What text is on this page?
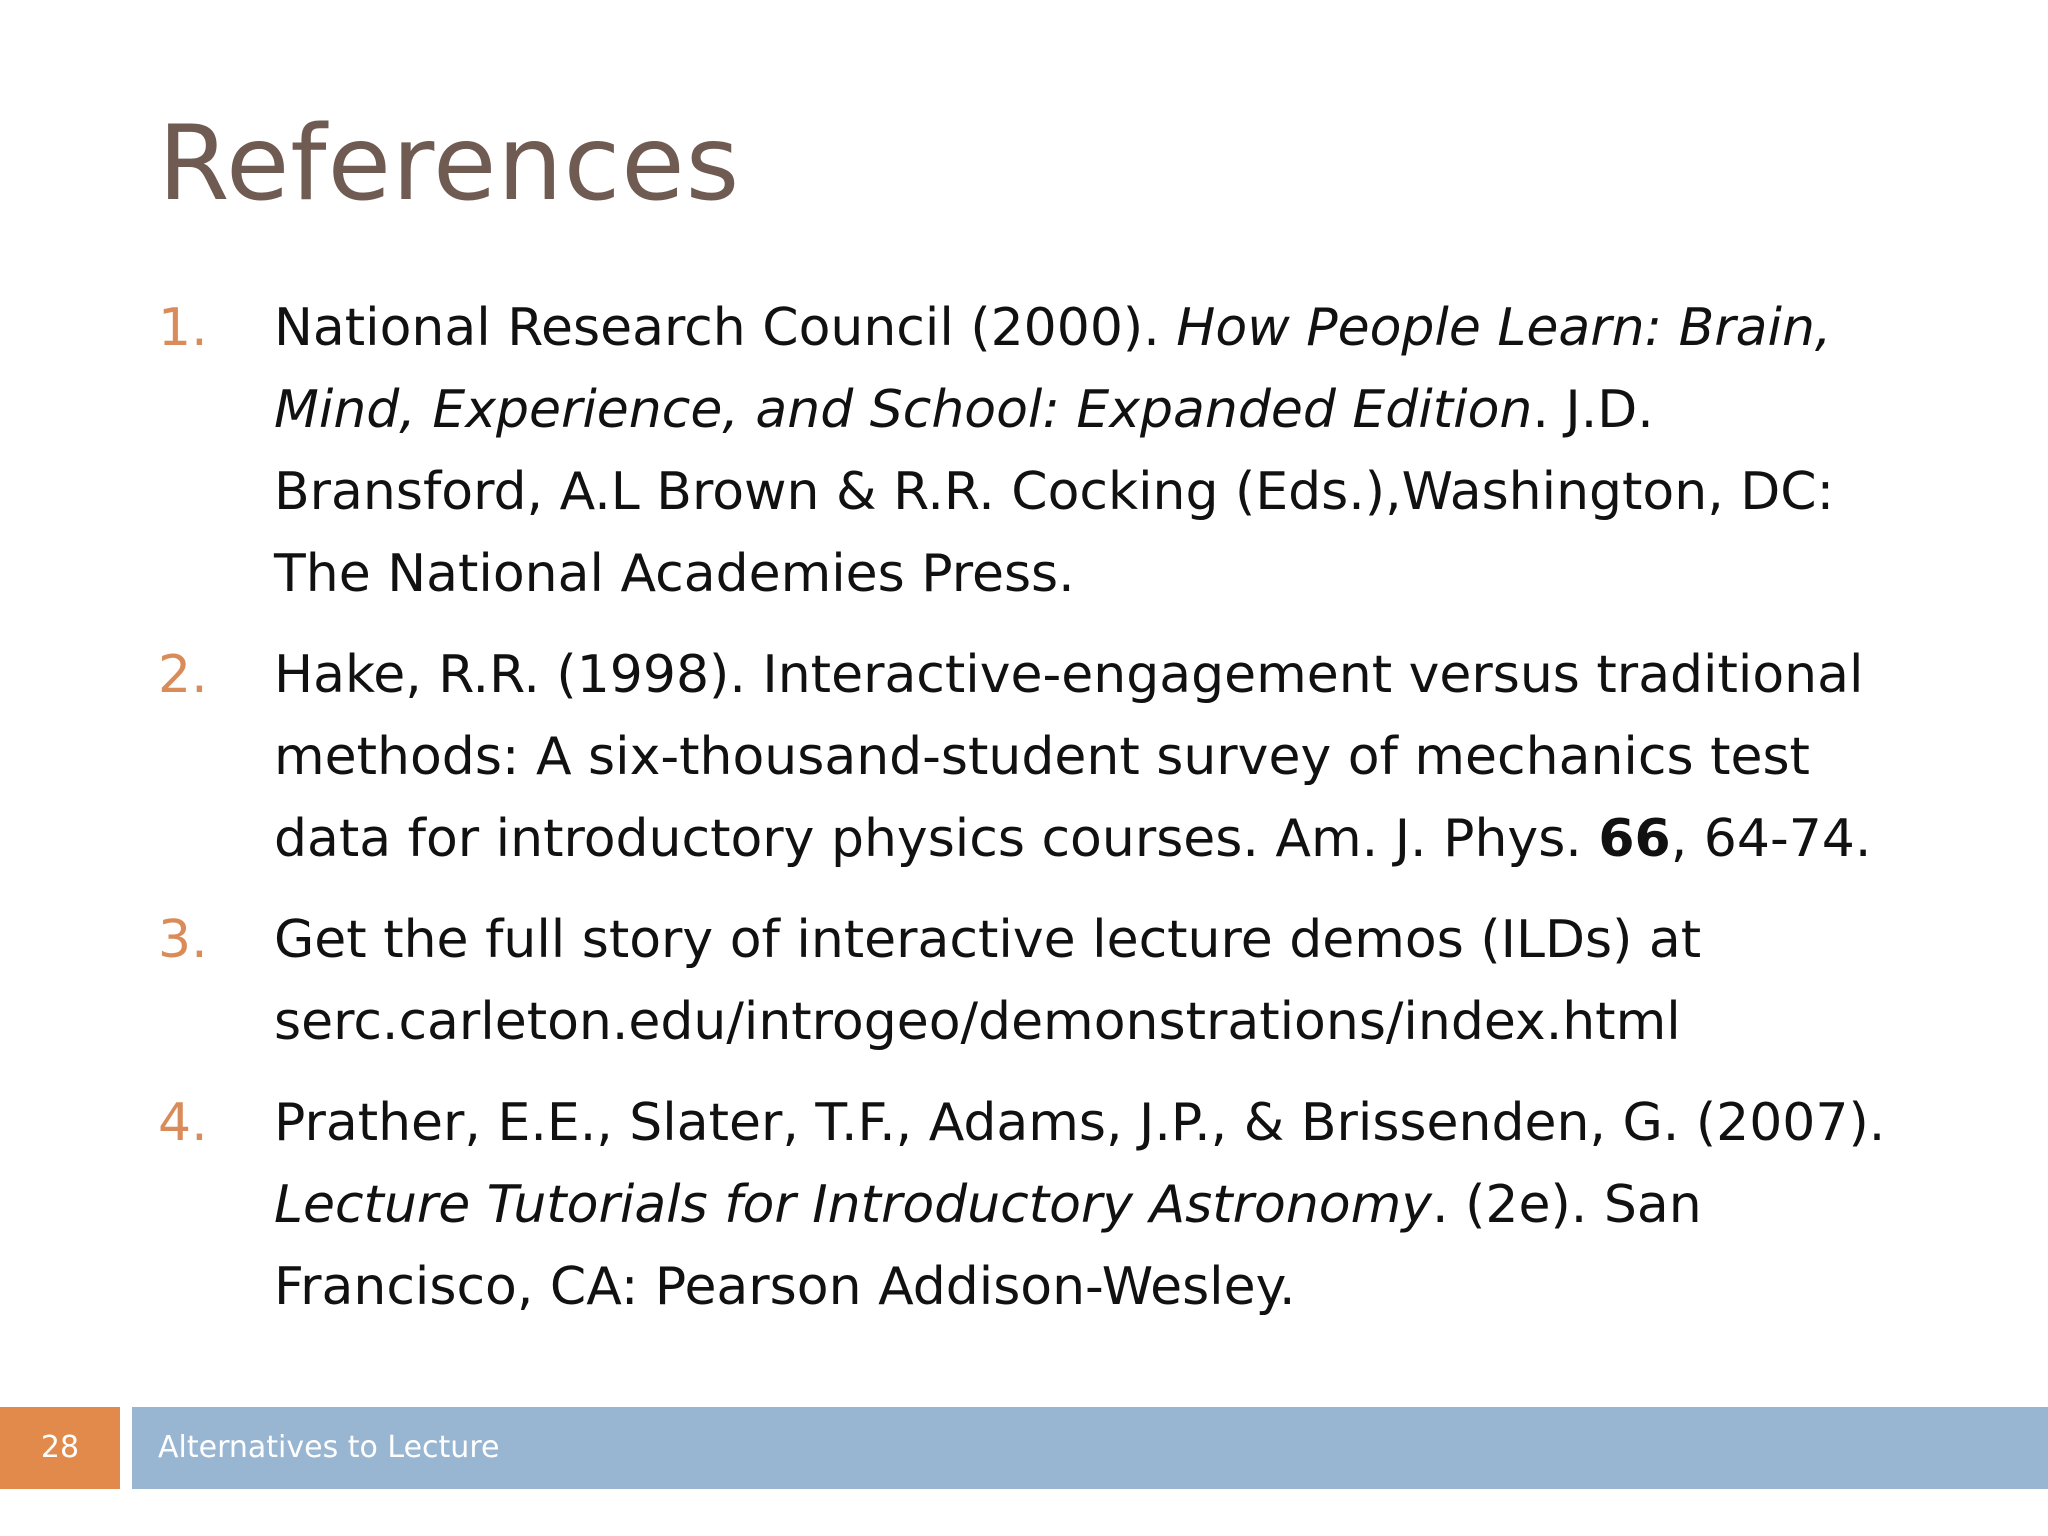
References
1. National Research Council (2000). How People Learn: Brain, Mind, Experience, and School: Expanded Edition. J.D. Bransford, A.L Brown & R.R. Cocking (Eds.),Washington, DC: The National Academies Press.
2. Hake, R.R. (1998). Interactive-engagement versus traditional methods: A six-thousand-student survey of mechanics test data for introductory physics courses. Am. J. Phys. 66, 64-74.
3. Get the full story of interactive lecture demos (ILDs) at serc.carleton.edu/introgeo/demonstrations/index.html
4. Prather, E.E., Slater, T.F., Adams, J.P., & Brissenden, G. (2007). Lecture Tutorials for Introductory Astronomy. (2e). San Francisco, CA: Pearson Addison-Wesley.
28	Alternatives to Lecture
